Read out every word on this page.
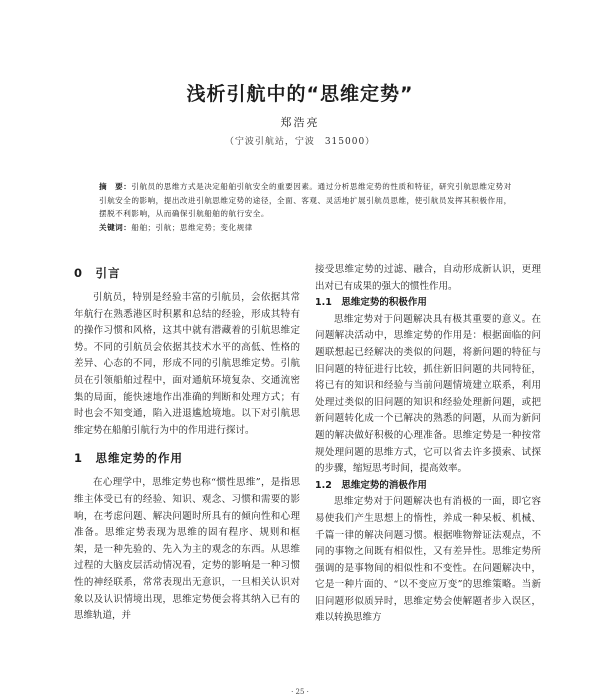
浅析引航中的“思维定势”
郑浩亮
（宁波引航站，宁波　315000）
摘　要：引航员的思维方式是决定船舶引航安全的重要因素。通过分析思维定势的性质和特征，研究引航思维定势对引航安全的影响，提出改进引航思维定势的途径，全面、客观、灵活地扩展引航员思维，使引航员发挥其积极作用，摆脱不利影响，从而确保引航船舶的航行安全。
关键词：船舶；引航；思维定势；变化规律
0　引言

引航员，特别是经验丰富的引航员，会依据其常年航行在熟悉港区时积累和总结的经验，形成其特有的操作习惯和风格，这其中就有潜藏着的引航思维定势。不同的引航员会依据其技术水平的高低、性格的差异、心态的不同，形成不同的引航思维定势。引航员在引领船舶过程中，面对通航环境复杂、交通流密集的局面，能快速地作出准确的判断和处理方式；有时也会不知变通，陷入进退尴尬境地。以下对引航思维定势在船舶引航行为中的作用进行探讨。

1　思维定势的作用

在心理学中，思维定势也称“惯性思维”，是指思维主体受已有的经验、知识、观念、习惯和需要的影响，在考虑问题、解决问题时所具有的倾向性和心理准备。思维定势表现为思维的固有程序、规则和框架，是一种先验的、先入为主的观念的东西。从思维过程的大脑皮层活动情况看，定势的影响是一种习惯性的神经联系，常常表现出无意识，一旦相关认识对象以及认识情境出现，思维定势便会将其纳入已有的思维轨道，并

接受思维定势的过滤、融合，自动形成新认识，更理出对已有成果的强大的惯性作用。

1.1　思维定势的积极作用

思维定势对于问题解决具有极其重要的意义。在问题解决活动中，思维定势的作用是：根据面临的问题联想起已经解决的类似的问题，将新问题的特征与旧问题的特征进行比较，抓住新旧问题的共同特征，将已有的知识和经验与当前问题情境建立联系，利用处理过类似的旧问题的知识和经验处理新问题，或把新问题转化成一个已解决的熟悉的问题，从而为新问题的解决做好积极的心理准备。思维定势是一种按常规处理问题的思维方式，它可以省去许多摸索、试探的步骤，缩短思考时间，提高效率。

1.2　思维定势的消极作用

思维定势对于问题解决也有消极的一面，即它容易使我们产生思想上的惰性，养成一种呆板、机械、千篇一律的解决问题习惯。根据唯物辩证法观点，不同的事物之间既有相似性，又有差异性。思维定势所强调的是事物间的相似性和不变性。在问题解决中，它是一种片面的、“以不变应万变”的思维策略。当新旧问题形似质异时，思维定势会使解题者步入误区，难以转换思维方

· 25 ·
